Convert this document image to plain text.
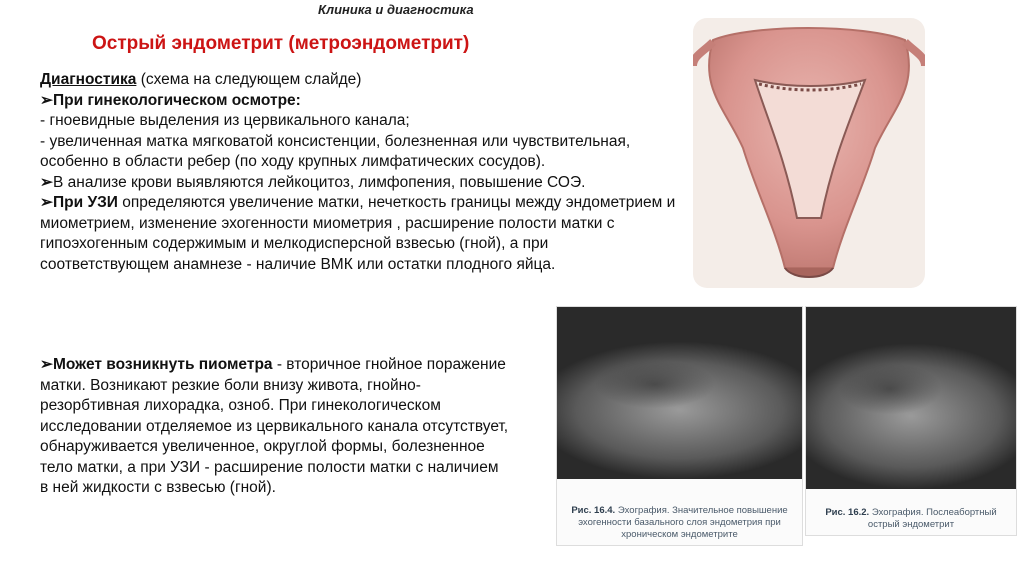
Клиника и диагностика
Острый эндометрит (метроэндометрит)

Диагностика (схема на следующем слайде)

➢При гинекологическом осмотре:

- гноевидные выделения из цервикального канала;

- увеличенная матка мягковатой консистенции, болезненная или чувствительная, особенно в области ребер (по ходу крупных лимфатических сосудов).

➢В анализе крови выявляются лейкоцитоз, лимфопения, повышение СОЭ.

➢При УЗИ определяются увеличение матки, нечеткость границы между эндометрием и миометрием, изменение эхогенности миометрия , расширение полости матки с гипоэхогенным содержимым и мелкодисперсной взвесью (гной), а при соответствующем анамнезе - наличие ВМК или остатки плодного яйца.

➢Может возникнуть пиометра - вторичное гнойное поражение матки. Возникают резкие боли внизу живота, гнойно-резорбтивная лихорадка, озноб. При гинекологическом исследовании отделяемое из цервикального канала отсутствует, обнаруживается увеличенное, округлой формы, болезненное тело матки, а при УЗИ - расширение полости матки с наличием в ней жидкости с взвесью (гной).

Рис. 16.4. Эхография. Значительное повышение эхогенности базального слоя эндометрия при хроническом эндометрите
Рис. 16.2. Эхография. Послеабортный острый эндометрит
